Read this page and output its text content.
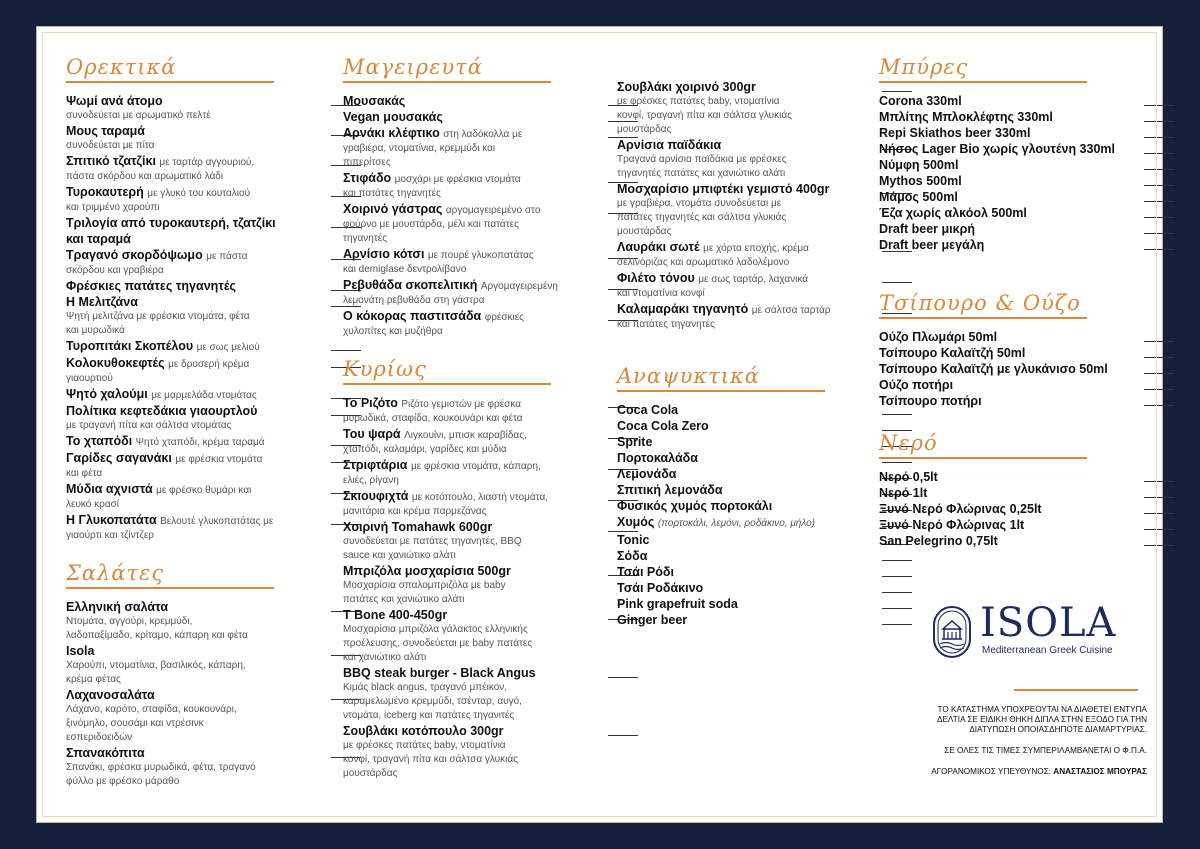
Ορεκτικά
Ψωμί ανά άτομο
συνοδεύεται με αρωματικό πελτέ
Μους ταραμά
συνοδεύεται με πίτα
Σπιτικό τζατζίκι με ταρτάρ αγγουριού,
πάστα σκόρδου και αρωματικό λάδι
Τυροκαυτερή με γλυκό του κουταλιού
και τριμμένο χαρούπι
Τριλογία από τυροκαυτερή, τζατζίκι
και ταραμά
Τραγανό σκορδόψωμο με πάστα
σκόρδου και γραβιέρα
Φρέσκιες πατάτες τηγανητές
Η Μελιτζάνα
Ψητή μελιτζάνα με φρέσκια ντομάτα, φέτα
και μυρωδικά
Τυροπιτάκι Σκοπέλου με σως μελιού
Κολοκυθοκεφτές με δροσερή κρέμα
γιαουρτιού
Ψητό χαλούμι με μαρμελάδα ντομάτας
Πολίτικα κεφτεδάκια γιαουρτλού
με τραγανή πίτα και σάλτσα ντομάτας
Το χταπόδι Ψητό χταπόδι, κρέμα ταραμά
Γαρίδες σαγανάκι με φρέσκια ντομάτα
και φέτα
Μύδια αχνιστά με φρέσκο θυμάρι και
λευκό κρασί
Η Γλυκοπατάτα Βελουτέ γλυκοπατάτας με
γιαούρτι και τζίντζερ
Σαλάτες
Ελληνική σαλάτα
Ντομάτα, αγγούρι, κρεμμύδι,
λαδοπαξίμαδο, κρίταμο, κάπαρη και φέτα
Isola
Χαρούπι, ντοματίνια, βασιλικός, κάπαρη,
κρέμα φέτας
Λαχανοσαλάτα
Λάχανο, καρότο, σταφίδα, κουκουνάρι,
ξινόμηλο, σουσάμι και ντρέσινκ
εσπεριδοειδών
Σπανακόπιτα
Σπανάκι, φρέσκα μυρωδικά, φέτα, τραγανό
φύλλο με φρέσκο μάραθο
Μαγειρευτά
Μουσακάς
Vegan μουσακάς
Αρνάκι κλέφτικο στη λαδόκολλα με
γραβιέρα, ντοματίνια, κρεμμύδι και
πιπερίτσες
Στιφάδο μοσχάρι με φρέσκια ντομάτα
και πατάτες τηγανητές
Χοιρινό γάστρας αργομαγειρεμένο στο
φούρνο με μουστάρδα, μέλι και πατάτες
τηγανητές
Αρνίσιο κότσι με πουρέ γλυκοπατάτας
και demiglase δεντρολίβανο
Ρεβυθάδα σκοπελιτική Αργομαγειρεμένη
λεμονάτη ρεβυθάδα στη γάστρα
Ο κόκορας παστιτσάδα φρέσκιες
χυλοπίτες και μυζήθρα
Κυρίως
Το Ριζότο Ριζότο γεμιστών με φρέσκα
μυρωδικά, σταφίδα, κουκουνάρι και φέτα
Του ψαρά Λιγκουίνι, μπισκ καραβίδας,
χταπόδι, καλαμάρι, γαρίδες και μύδια
Στριφτάρια με φρέσκια ντομάτα, κάπαρη,
ελιές, ρίγανη
Σκιουφιχτά με κοτόπουλο, λιαστή ντομάτα,
μανιτάρια και κρέμα παρμεζάνας
Χοιρινή Tomahawk 600gr
συνοδεύεται με πατάτες τηγανητές, BBQ
sauce και χανιώτικο αλάτι
Μπριζόλα μοσχαρίσια 500gr
Μοσχαρίσια σπαλομπριζόλα με baby
πατάτες και χανιώτικο αλάτι
T Bone 400-450gr
Μοσχαρίσια μπριζόλα γάλακτος ελληνικής
προέλευσης, συνοδεύεται με baby πατάτες
και χανιώτικο αλάτι
BBQ steak burger - Black Angus
Κιμάς black angus, τραγανό μπέικον,
καραμελωμένο κρεμμύδι, τσένταρ, αυγό,
ντομάτα, iceberg και πατάτες τηγανιτές
Σουβλάκι κοτόπουλο 300gr
με φρέσκες πατάτες baby, ντοματίνια
κονφί, τραγανή πίτα και σάλτσα γλυκιάς
μουστάρδας
Σουβλάκι χοιρινό 300gr
με φρέσκες πατάτες baby, ντοματίνια
κονφί, τραγανή πίτα και σάλτσα γλυκιάς
μουστάρδας
Αρνίσια παϊδάκια
Τραγανά αρνίσια παϊδάκια με φρέσκες
τηγανητές πατάτες και χανιώτικο αλάτι
Μοσχαρίσιο μπιφτέκι γεμιστό 400gr
με γραβιέρα, ντομάτα συνοδεύεται με
πατάτες τηγανητές και σάλτσα γλυκιάς
μουστάρδας
Λαυράκι σωτέ με χόρτα εποχής, κρέμα
σελινόριζας και αρωματικό λαδολέμονο
Φιλέτο τόνου με σως ταρτάρ, λαχανικά
και ντοματίνια κονφί
Καλαμαράκι τηγανητό με σάλτσα ταρτάρ
και πατάτες τηγανητές
Αναψυκτικά
Coca Cola
Coca Cola Zero
Sprite
Πορτοκαλάδα
Λεμονάδα
Σπιτική λεμονάδα
Φυσικός χυμός πορτοκάλι
Χυμός (πορτοκάλι, λεμόνι, ροδάκινο, μήλο)
Tonic
Σόδα
Τσάι Ρόδι
Τσάι Ροδάκινο
Pink grapefruit soda
Ginger beer
Μπύρες
Corona 330ml
Μπλίτης Μπλοκλέφτης 330ml
Repi Skiathos beer 330ml
Νήσος Lager Bio χωρίς γλουτένη 330ml
Νύμφη 500ml
Mythos 500ml
Μάμος 500ml
Έζα χωρίς αλκόολ 500ml
Draft beer μικρή
Draft beer μεγάλη
Τσίπουρο & Ούζο
Ούζο Πλωμάρι 50ml
Τσίπουρο Καλαϊτζή 50ml
Τσίπουρο Καλαϊτζή με γλυκάνισο 50ml
Ούζο ποτήρι
Τσίπουρο ποτήρι
Νερό
Νερό 0,5lt
Νερό 1lt
Ξυνό Νερό Φλώρινας 0,25lt
Ξυνό Νερό Φλώρινας 1lt
San Pelegrino 0,75lt
ISOLA
Mediterranean Greek Cuisine
ΤΟ ΚΑΤΑΣΤΗΜΑ ΥΠΟΧΡΕΟΥΤΑΙ ΝΑ ΔΙΑΘΕΤΕΙ ΕΝΤΥΠΑ
ΔΕΛΤΙΑ ΣΕ ΕΙΔΙΚΗ ΘΗΚΗ ΔΙΠΛΑ ΣΤΗΝ ΕΞΟΔΟ ΓΙΑ ΤΗΝ
ΔΙΑΤΥΠΩΣΗ ΟΠΟΙΑΣΔΗΠΟΤΕ ΔΙΑΜΑΡΤΥΡΙΑΣ.
ΣΕ ΟΛΕΣ ΤΙΣ ΤΙΜΕΣ ΣΥΜΠΕΡΙΛΑΜΒΑΝΕΤΑΙ Ο Φ.Π.Α.
ΑΓΟΡΑΝΟΜΙΚΟΣ ΥΠΕΥΘΥΝΟΣ: ΑΝΑΣΤΑΣΙΟΣ ΜΠΟΥΡΑΣ
